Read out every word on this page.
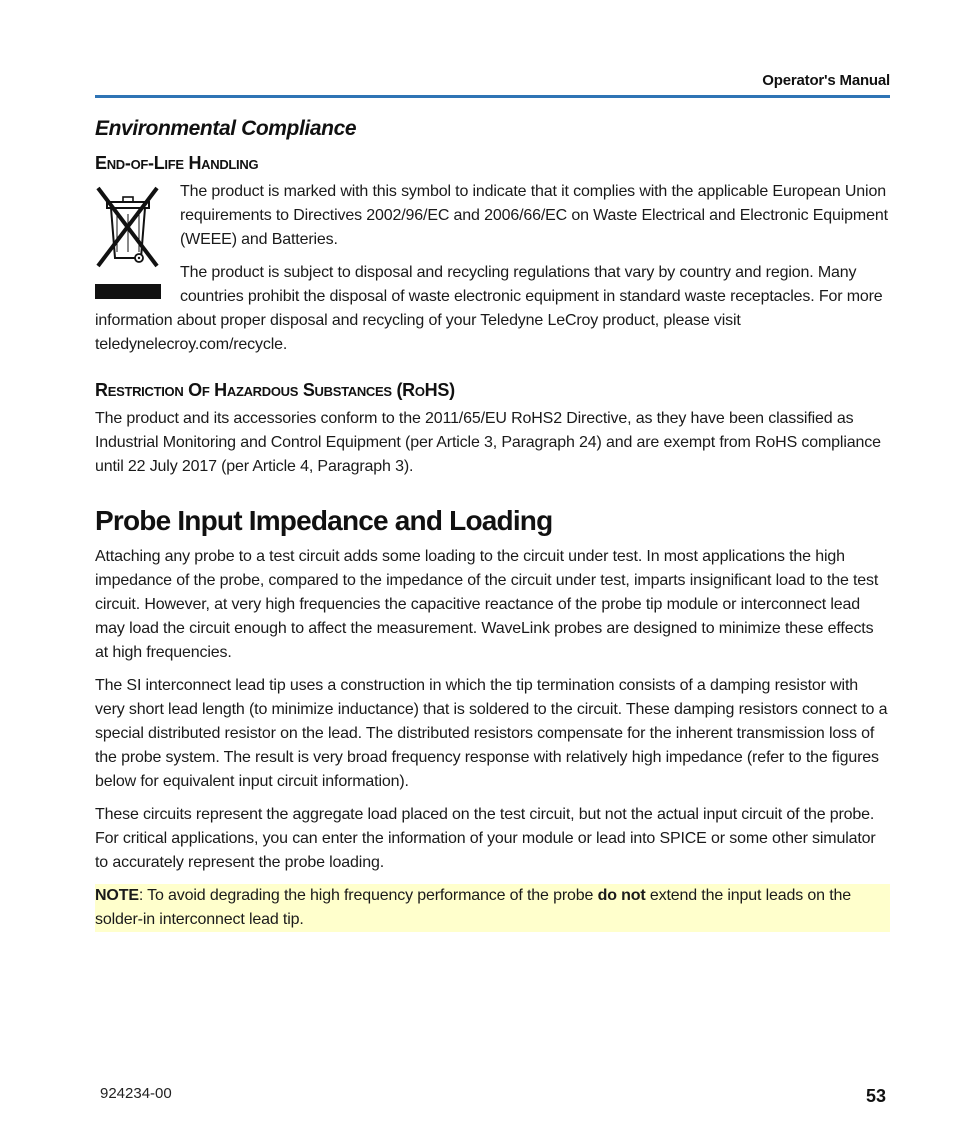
Operator's Manual
Environmental Compliance
End-of-Life Handling

The product is marked with this symbol to indicate that it complies with the applicable European Union requirements to Directives 2002/96/EC and 2006/66/EC on Waste Electrical and Electronic Equipment (WEEE) and Batteries.

The product is subject to disposal and recycling regulations that vary by country and region. Many countries prohibit the disposal of waste electronic equipment in standard waste receptacles. For more information about proper disposal and recycling of your Teledyne LeCroy product, please visit teledynelecroy.com/recycle.

Restriction Of Hazardous Substances (RoHS)

The product and its accessories conform to the 2011/65/EU RoHS2 Directive, as they have been classified as Industrial Monitoring and Control Equipment (per Article 3, Paragraph 24) and are exempt from RoHS compliance until 22 July 2017 (per Article 4, Paragraph 3).

Probe Input Impedance and Loading

Attaching any probe to a test circuit adds some loading to the circuit under test. In most applications the high impedance of the probe, compared to the impedance of the circuit under test, imparts insignificant load to the test circuit. However, at very high frequencies the capacitive reactance of the probe tip module or interconnect lead may load the circuit enough to affect the measurement. WaveLink probes are designed to minimize these effects at high frequencies.

The SI interconnect lead tip uses a construction in which the tip termination consists of a damping resistor with very short lead length (to minimize inductance) that is soldered to the circuit. These damping resistors connect to a special distributed resistor on the lead. The distributed resistors compensate for the inherent transmission loss of the probe system. The result is very broad frequency response with relatively high impedance (refer to the figures below for equivalent input circuit information).

These circuits represent the aggregate load placed on the test circuit, but not the actual input circuit of the probe. For critical applications, you can enter the information of your module or lead into SPICE or some other simulator to accurately represent the probe loading.

NOTE: To avoid degrading the high frequency performance of the probe do not extend the input leads on the solder-in interconnect lead tip.
924234-00	53
